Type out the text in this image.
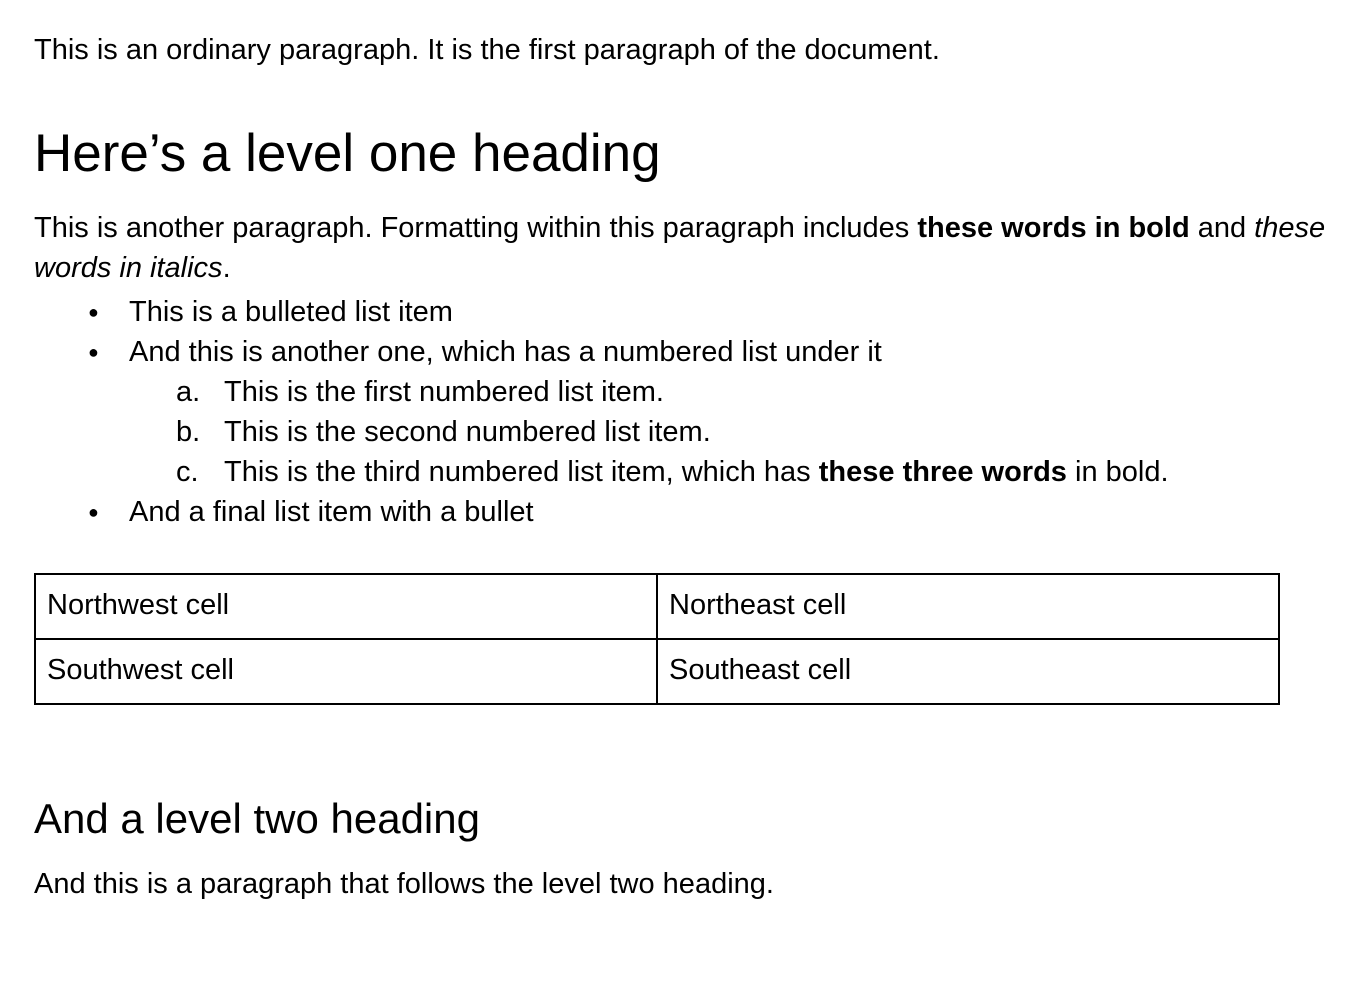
This is an ordinary paragraph. It is the first paragraph of the document.

Here’s a level one heading

This is another paragraph. Formatting within this paragraph includes these words in bold and these words in italics.

● This is a bulleted list item
● And this is another one, which has a numbered list under it
a. This is the first numbered list item.
b. This is the second numbered list item.
c. This is the third numbered list item, which has these three words in bold.
● And a final list item with a bullet
Northwest cell	Northeast cell
Southwest cell	Southeast cell
And a level two heading

And this is a paragraph that follows the level two heading.
